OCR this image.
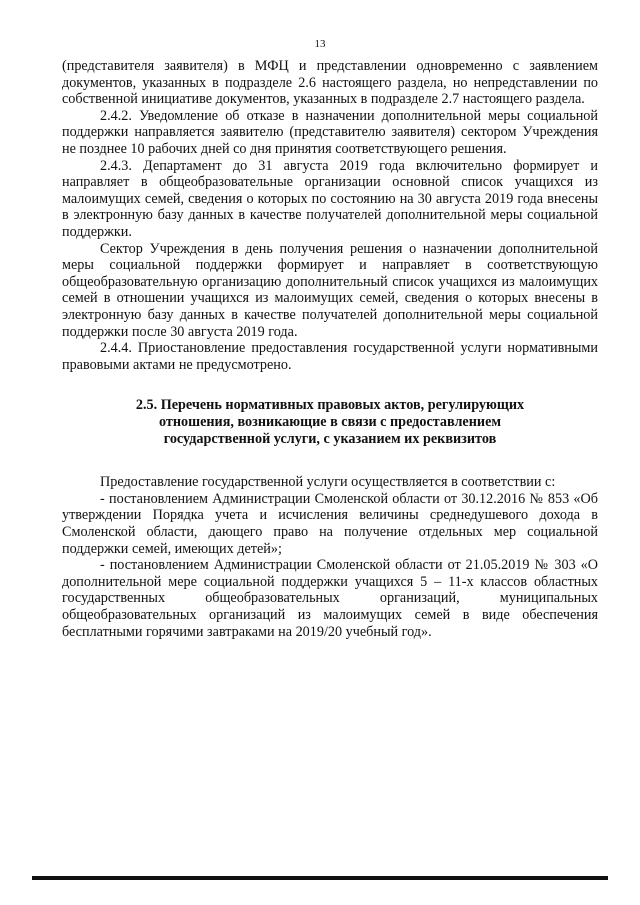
13

(представителя заявителя) в МФЦ и представлении одновременно с заявлением документов, указанных в подразделе 2.6 настоящего раздела, но непредставлении по собственной инициативе документов, указанных в подразделе 2.7 настоящего раздела.

2.4.2. Уведомление об отказе в назначении дополнительной меры социальной поддержки направляется заявителю (представителю заявителя) сектором Учреждения не позднее 10 рабочих дней со дня принятия соответствующего решения.

2.4.3. Департамент до 31 августа 2019 года включительно формирует и направляет в общеобразовательные организации основной список учащихся из малоимущих семей, сведения о которых по состоянию на 30 августа 2019 года внесены в электронную базу данных в качестве получателей дополнительной меры социальной поддержки.

Сектор Учреждения в день получения решения о назначении дополнительной меры социальной поддержки формирует и направляет в соответствующую общеобразовательную организацию дополнительный список учащихся из малоимущих семей в отношении учащихся из малоимущих семей, сведения о которых внесены в электронную базу данных в качестве получателей дополнительной меры социальной поддержки после 30 августа 2019 года.

2.4.4. Приостановление предоставления государственной услуги нормативными правовыми актами не предусмотрено.

2.5. Перечень нормативных правовых актов, регулирующих
отношения, возникающие в связи с предоставлением
государственной услуги, с указанием их реквизитов

Предоставление государственной услуги осуществляется в соответствии с:

- постановлением Администрации Смоленской области от 30.12.2016 № 853 «Об утверждении Порядка учета и исчисления величины среднедушевого дохода в Смоленской области, дающего право на получение отдельных мер социальной поддержки семей, имеющих детей»;

- постановлением Администрации Смоленской области от 21.05.2019 № 303 «О дополнительной мере социальной поддержки учащихся 5 – 11-х классов областных государственных общеобразовательных организаций, муниципальных общеобразовательных организаций из малоимущих семей в виде обеспечения бесплатными горячими завтраками на 2019/20 учебный год».
